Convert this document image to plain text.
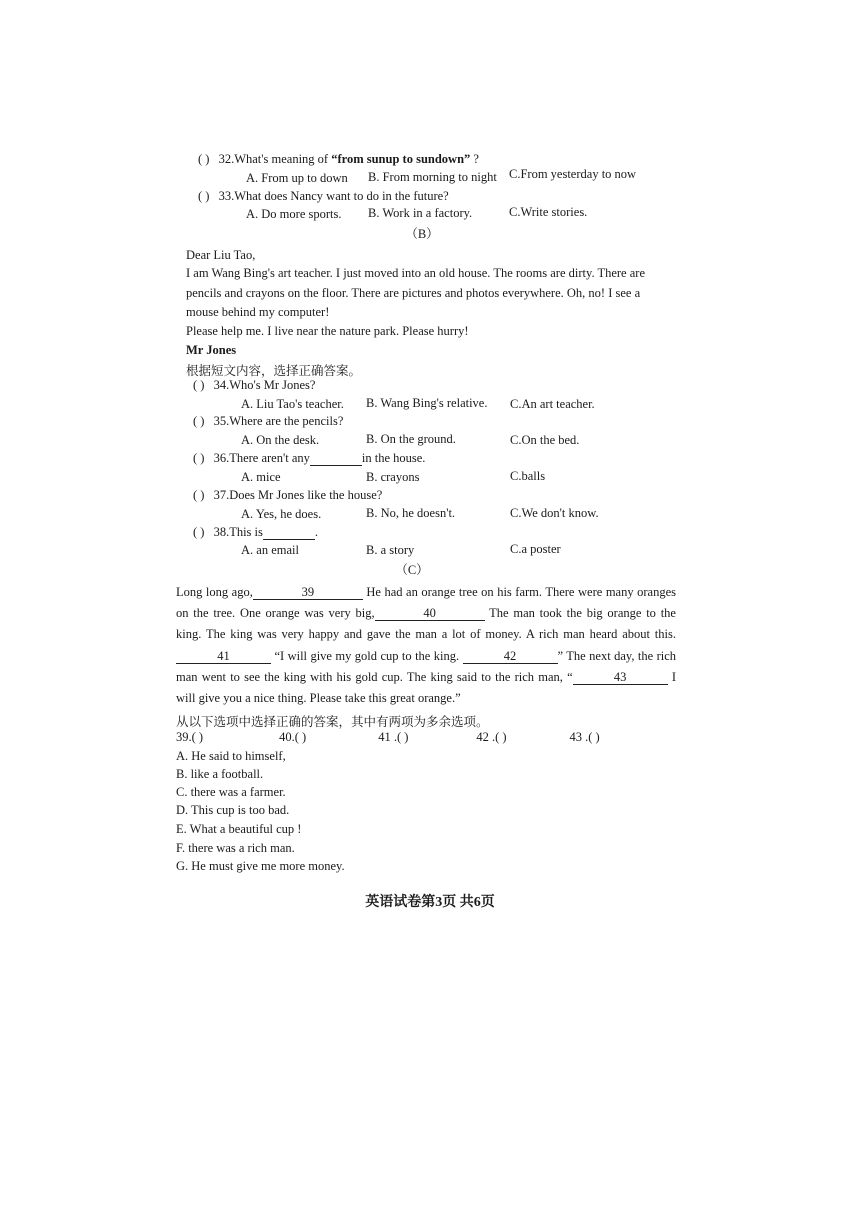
( ) 32.What's meaning of “from sunup to sundown” ?
A. From up to down B. From morning to night C.From yesterday to now
( ) 33.What does Nancy want to do in the future?
A. Do more sports. B. Work in a factory.	C.Write stories.
（B）
Dear Liu Tao,
I am Wang Bing's art teacher. I just moved into an old house. The rooms are dirty. There are
pencils and crayons on the floor. There are pictures and photos everywhere. Oh, no! I see a
mouse behind my computer!
Please help me. I live near the nature park. Please hurry!
Mr Jones
根据短文内容，选择正确答案。
( ) 34.Who's Mr Jones?
A. Liu Tao's teacher. B. Wang Bing's relative. C.An art teacher.
( ) 35.Where are the pencils?
A. On the desk.	B. On the ground.	C.On the bed.
( ) 36.There aren't any	in the house.
A. mice	B. crayons	C.balls
( ) 37.Does Mr Jones like the house?
A. Yes, he does.	B. No, he doesn't.	C.We don't know.
( ) 38.This is	.
A. an email	B. a story	C.a poster
（C）
Long long ago,	39	He had an orange tree on his farm. There were many oranges on the tree. One orange was very big,	40	The man took the big orange to the king. The king was very happy and gave the man a lot of money. A rich man heard about this.41	“I will give my gold cup to the king.	42	” The next day, the rich man went to see the king with his gold cup. The king said to the rich man, “	43	I will give you a nice thing. Please take this great orange.”
从以下选项中选择正确的答案，其中有两项为多余选项。
39.( )	40.( )	41 .( )	42 .( )	43 .( )
A. He said to himself,
B. like a football.
C. there was a farmer.
D. This cup is too bad.
E. What a beautiful cup !
F. there was a rich man.
G. He must give me more money.
英语试卷第3页 共6页
